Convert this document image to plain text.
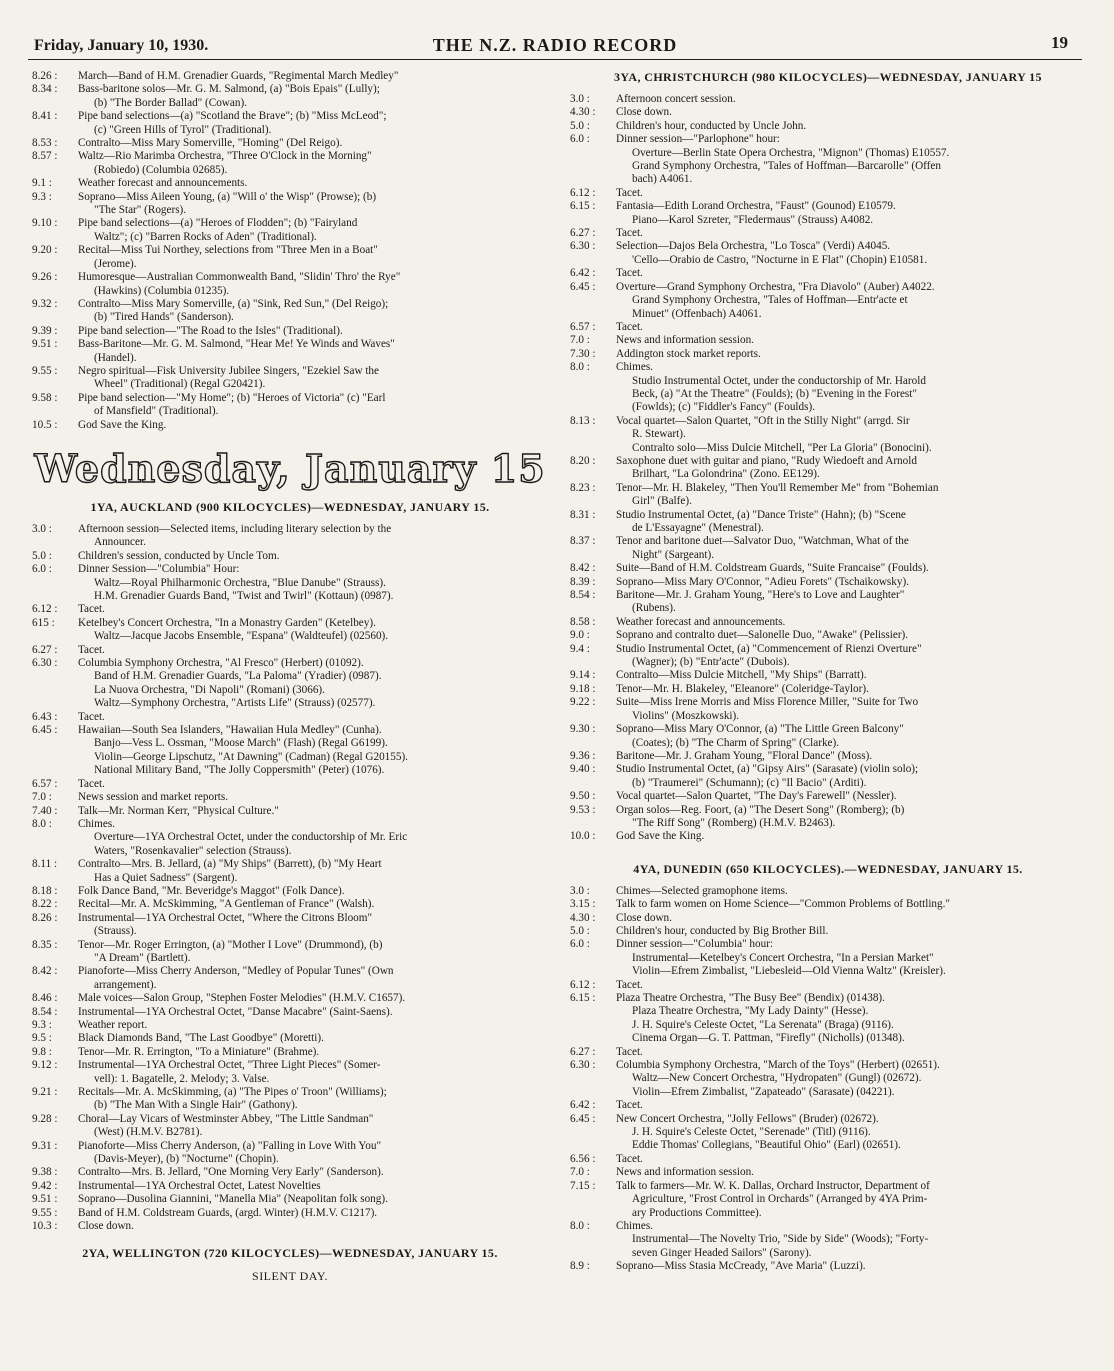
Friday, January 10, 1930.	THE N.Z. RADIO RECORD	19
8.26 :	March—Band of H.M. Grenadier Guards, "Regimental March Medley"
8.34 :	Bass-baritone solos—Mr. G. M. Salmond, (a) "Bois Epais" (Lully);
(b) "The Border Ballad" (Cowan).
8.41 :	Pipe band selections—(a) "Scotland the Brave"; (b) "Miss McLeod";
(c) "Green Hills of Tyrol" (Traditional).
8.53 :	Contralto—Miss Mary Somerville, "Homing" (Del Reigo).
8.57 :	Waltz—Rio Marimba Orchestra, "Three O'Clock in the Morning"
(Robiedo) (Columbia 02685).
9.1 :	Weather forecast and announcements.
9.3 :	Soprano—Miss Aileen Young, (a) "Will o' the Wisp" (Prowse); (b)
"The Star" (Rogers).
9.10 :	Pipe band selections—(a) "Heroes of Flodden"; (b) "Fairyland
Waltz"; (c) "Barren Rocks of Aden" (Traditional).
9.20 :	Recital—Miss Tui Northey, selections from "Three Men in a Boat"
(Jerome).
9.26 :	Humoresque—Australian Commonwealth Band, "Slidin' Thro' the Rye"
(Hawkins) (Columbia 01235).
9.32 :	Contralto—Miss Mary Somerville, (a) "Sink, Red Sun," (Del Reigo);
(b) "Tired Hands" (Sanderson).
9.39 :	Pipe band selection—"The Road to the Isles" (Traditional).
9.51 :	Bass-Baritone—Mr. G. M. Salmond, "Hear Me! Ye Winds and Waves"
(Handel).
9.55 :	Negro spiritual—Fisk University Jubilee Singers, "Ezekiel Saw the
Wheel" (Traditional) (Regal G20421).
9.58 :	Pipe band selection—"My Home"; (b) "Heroes of Victoria" (c) "Earl
of Mansfield" (Traditional).
10.5 :	God Save the King.
Wednesday, January 15
1YA, AUCKLAND (900 KILOCYCLES)—WEDNESDAY, JANUARY 15.
3.0 :	Afternoon session—Selected items, including literary selection by the
Announcer.
5.0 :	Children's session, conducted by Uncle Tom.
6.0 :	Dinner Session—"Columbia" Hour:
Waltz—Royal Philharmonic Orchestra, "Blue Danube" (Strauss).
H.M. Grenadier Guards Band, "Twist and Twirl" (Kottaun) (0987).
6.12 :	Tacet.
615 :	Ketelbey's Concert Orchestra, "In a Monastry Garden" (Ketelbey).
Waltz—Jacque Jacobs Ensemble, "Espana" (Waldteufel) (02560).
6.27 :	Tacet.
6.30 :	Columbia Symphony Orchestra, "Al Fresco" (Herbert) (01092).
Band of H.M. Grenadier Guards, "La Paloma" (Yradier) (0987).
La Nuova Orchestra, "Di Napoli" (Romani) (3066).
Waltz—Symphony Orchestra, "Artists Life" (Strauss) (02577).
6.43 :	Tacet.
6.45 :	Hawaiian—South Sea Islanders, "Hawaiian Hula Medley" (Cunha).
Banjo—Vess L. Ossman, "Moose March" (Flash) (Regal G6199).
Violin—George Lipschutz, "At Dawning" (Cadman) (Regal G20155).
National Military Band, "The Jolly Coppersmith" (Peter) (1076).
6.57 :	Tacet.
7.0 :	News session and market reports.
7.40 :	Talk—Mr. Norman Kerr, "Physical Culture."
8.0 :	Chimes.
Overture—1YA Orchestral Octet, under the conductorship of Mr. Eric
Waters, "Rosenkavalier" selection (Strauss).
8.11 :	Contralto—Mrs. B. Jellard, (a) "My Ships" (Barrett), (b) "My Heart
Has a Quiet Sadness" (Sargent).
8.18 :	Folk Dance Band, "Mr. Beveridge's Maggot" (Folk Dance).
8.22 :	Recital—Mr. A. McSkimming, "A Gentleman of France" (Walsh).
8.26 :	Instrumental—1YA Orchestral Octet, "Where the Citrons Bloom"
(Strauss).
8.35 :	Tenor—Mr. Roger Errington, (a) "Mother I Love" (Drummond), (b)
"A Dream" (Bartlett).
8.42 :	Pianoforte—Miss Cherry Anderson, "Medley of Popular Tunes" (Own
arrangement).
8.46 :	Male voices—Salon Group, "Stephen Foster Melodies" (H.M.V. C1657).
8.54 :	Instrumental—1YA Orchestral Octet, "Danse Macabre" (Saint-Saens).
9.3 :	Weather report.
9.5 :	Black Diamonds Band, "The Last Goodbye" (Moretti).
9.8 :	Tenor—Mr. R. Errington, "To a Miniature" (Brahme).
9.12 :	Instrumental—1YA Orchestral Octet, "Three Light Pieces" (Somer-
vell): 1. Bagatelle, 2. Melody; 3. Valse.
9.21 :	Recitals—Mr. A. McSkimming, (a) "The Pipes o' Troon" (Williams);
(b) "The Man With a Single Hair" (Gathony).
9.28 :	Choral—Lay Vicars of Westminster Abbey, "The Little Sandman"
(West) (H.M.V. B2781).
9.31 :	Pianoforte—Miss Cherry Anderson, (a) "Falling in Love With You"
(Davis-Meyer), (b) "Nocturne" (Chopin).
9.38 :	Contralto—Mrs. B. Jellard, "One Morning Very Early" (Sanderson).
9.42 :	Instrumental—1YA Orchestral Octet, Latest Novelties
9.51 :	Soprano—Dusolina Giannini, "Manella Mia" (Neapolitan folk song).
9.55 :	Band of H.M. Coldstream Guards, (argd. Winter) (H.M.V. C1217).
10.3 :	Close down.
2YA, WELLINGTON (720 KILOCYCLES)—WEDNESDAY, JANUARY 15.
SILENT DAY.
3YA, CHRISTCHURCH (980 KILOCYCLES)—WEDNESDAY, JANUARY 15
3.0 :	Afternoon concert session.
4.30 :	Close down.
5.0 :	Children's hour, conducted by Uncle John.
6.0 :	Dinner session—"Parlophone" hour:
Overture—Berlin State Opera Orchestra, "Mignon" (Thomas) E10557.
Grand Symphony Orchestra, "Tales of Hoffman—Barcarolle" (Offen
bach) A4061.
6.12 :	Tacet.
6.15 :	Fantasia—Edith Lorand Orchestra, "Faust" (Gounod) E10579.
Piano—Karol Szreter, "Fledermaus" (Strauss) A4082.
6.27 :	Tacet.
6.30 :	Selection—Dajos Bela Orchestra, "Lo Tosca" (Verdi) A4045.
'Cello—Orabio de Castro, "Nocturne in E Flat" (Chopin) E10581.
6.42 :	Tacet.
6.45 :	Overture—Grand Symphony Orchestra, "Fra Diavolo" (Auber) A4022.
Grand Symphony Orchestra, "Tales of Hoffman—Entr'acte et
Minuet" (Offenbach) A4061.
6.57 :	Tacet.
7.0 :	News and information session.
7.30 :	Addington stock market reports.
8.0 :	Chimes.
Studio Instrumental Octet, under the conductorship of Mr. Harold
Beck, (a) "At the Theatre" (Foulds); (b) "Evening in the Forest"
(Fowlds); (c) "Fiddler's Fancy" (Foulds).
8.13 :	Vocal quartet—Salon Quartet, "Oft in the Stilly Night" (arrgd. Sir
R. Stewart).
Contralto solo—Miss Dulcie Mitchell, "Per La Gloria" (Bonocini).
8.20 :	Saxophone duet with guitar and piano, "Rudy Wiedoeft and Arnold
Brilhart, "La Golondrina" (Zono. EE129).
8.23 :	Tenor—Mr. H. Blakeley, "Then You'll Remember Me" from "Bohemian
Girl" (Balfe).
8.31 :	Studio Instrumental Octet, (a) "Dance Triste" (Hahn); (b) "Scene
de L'Essayagne" (Menestral).
8.37 :	Tenor and baritone duet—Salvator Duo, "Watchman, What of the
Night" (Sargeant).
8.42 :	Suite—Band of H.M. Coldstream Guards, "Suite Francaise" (Foulds).
8.39 :	Soprano—Miss Mary O'Connor, "Adieu Forets" (Tschaikowsky).
8.54 :	Baritone—Mr. J. Graham Young, "Here's to Love and Laughter"
(Rubens).
8.58 :	Weather forecast and announcements.
9.0 :	Soprano and contralto duet—Salonelle Duo, "Awake" (Pelissier).
9.4 :	Studio Instrumental Octet, (a) "Commencement of Rienzi Overture"
(Wagner); (b) "Entr'acte" (Dubois).
9.14 :	Contralto—Miss Dulcie Mitchell, "My Ships" (Barratt).
9.18 :	Tenor—Mr. H. Blakeley, "Eleanore" (Coleridge-Taylor).
9.22 :	Suite—Miss Irene Morris and Miss Florence Miller, "Suite for Two
Violins" (Moszkowski).
9.30 :	Soprano—Miss Mary O'Connor, (a) "The Little Green Balcony"
(Coates); (b) "The Charm of Spring" (Clarke).
9.36 :	Baritone—Mr. J. Graham Young, "Floral Dance" (Moss).
9.40 :	Studio Instrumental Octet, (a) "Gipsy Airs" (Sarasate) (violin solo);
(b) "Traumerei" (Schumann); (c) "Il Bacio" (Arditi).
9.50 :	Vocal quartet—Salon Quartet, "The Day's Farewell" (Nessler).
9.53 :	Organ solos—Reg. Foort, (a) "The Desert Song" (Romberg); (b)
"The Riff Song" (Romberg) (H.M.V. B2463).
10.0 :	God Save the King.
4YA, DUNEDIN (650 KILOCYCLES).—WEDNESDAY, JANUARY 15.
3.0 :	Chimes—Selected gramophone items.
3.15 :	Talk to farm women on Home Science—"Common Problems of Bottling."
4.30 :	Close down.
5.0 :	Children's hour, conducted by Big Brother Bill.
6.0 :	Dinner session—"Columbia" hour:
Instrumental—Ketelbey's Concert Orchestra, "In a Persian Market"
Violin—Efrem Zimbalist, "Liebesleid—Old Vienna Waltz" (Kreisler).
6.12 :	Tacet.
6.15 :	Plaza Theatre Orchestra, "The Busy Bee" (Bendix) (01438).
Plaza Theatre Orchestra, "My Lady Dainty" (Hesse).
J. H. Squire's Celeste Octet, "La Serenata" (Braga) (9116).
Cinema Organ—G. T. Pattman, "Firefly" (Nicholls) (01348).
6.27 :	Tacet.
6.30 :	Columbia Symphony Orchestra, "March of the Toys" (Herbert) (02651).
Waltz—New Concert Orchestra, "Hydropaten" (Gungl) (02672).
Violin—Efrem Zimbalist, "Zapateado" (Sarasate) (04221).
6.42 :	Tacet.
6.45 :	New Concert Orchestra, "Jolly Fellows" (Bruder) (02672).
J. H. Squire's Celeste Octet, "Serenade" (Titl) (9116).
Eddie Thomas' Collegians, "Beautiful Ohio" (Earl) (02651).
6.56 :	Tacet.
7.0 :	News and information session.
7.15 :	Talk to farmers—Mr. W. K. Dallas, Orchard Instructor, Department of
Agriculture, "Frost Control in Orchards" (Arranged by 4YA Prim-
ary Productions Committee).
8.0 :	Chimes.
Instrumental—The Novelty Trio, "Side by Side" (Woods); "Forty-
seven Ginger Headed Sailors" (Sarony).
8.9 :	Soprano—Miss Stasia McCready, "Ave Maria" (Luzzi).
